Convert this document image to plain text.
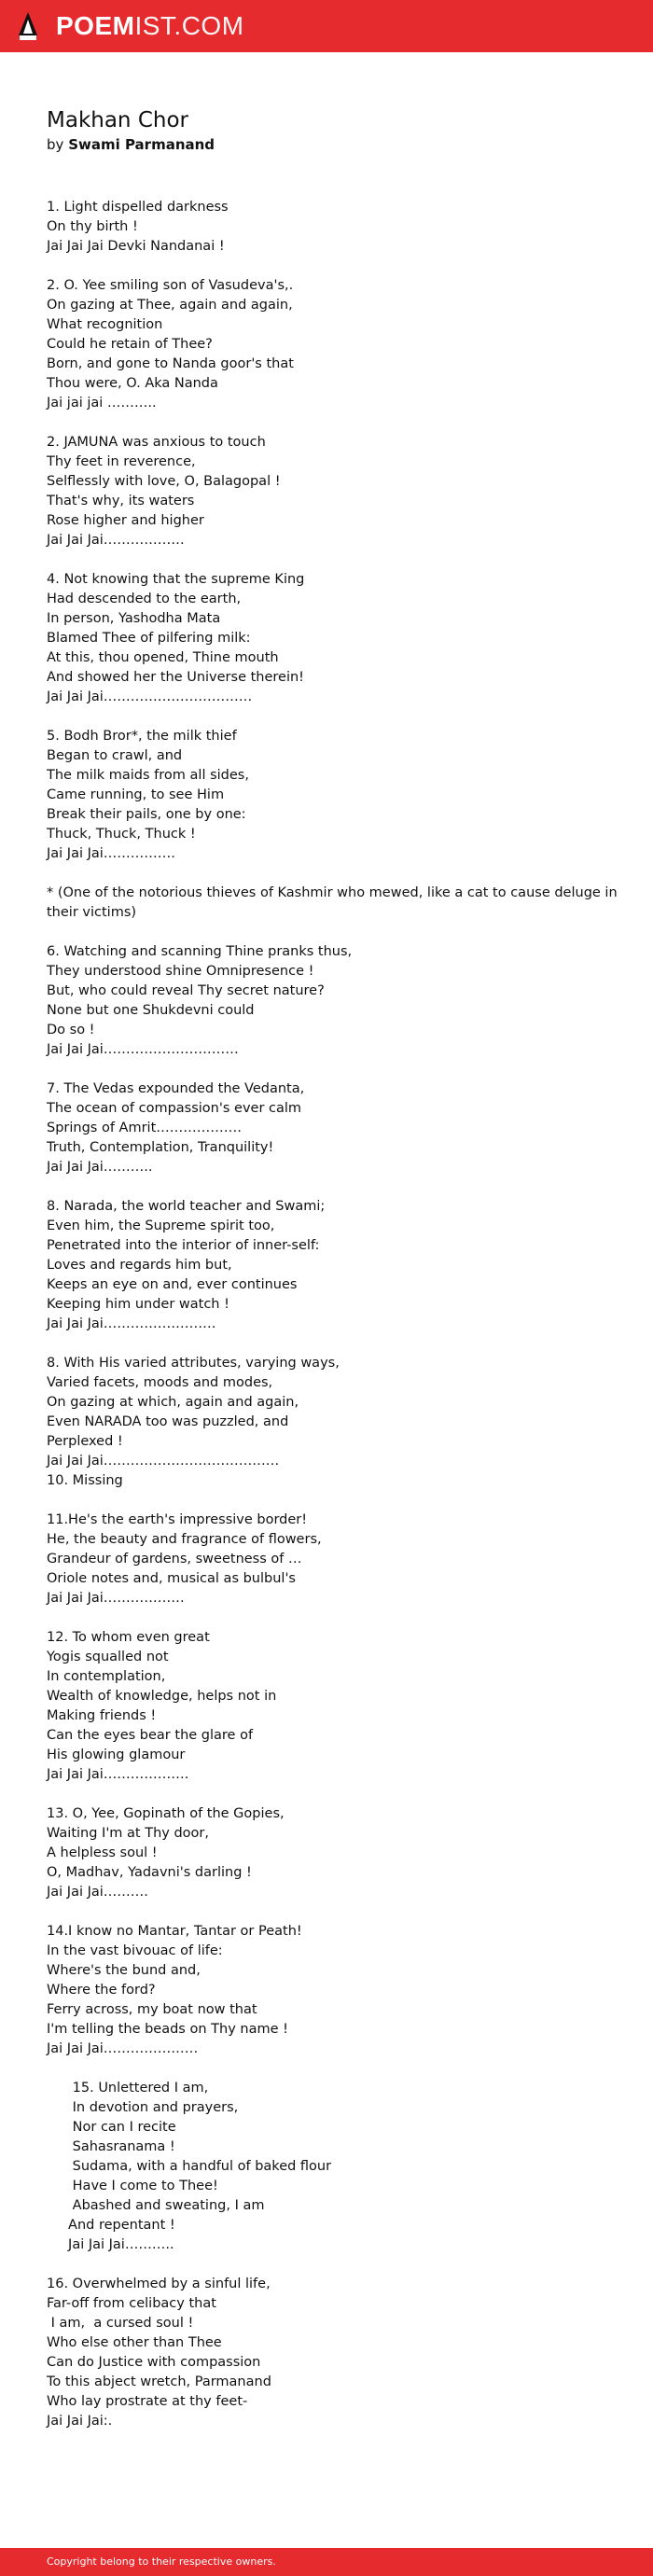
POEMIST.COM
Makhan Chor
by Swami Parmanand
1. Light dispelled darkness
On thy birth !
Jai Jai Jai Devki Nandanai !

2. O. Yee smiling son of Vasudeva's,.
On gazing at Thee, again and again,
What recognition
Could he retain of Thee?
Born, and gone to Nanda goor's that
Thou were, O. Aka Nanda
Jai jai jai ………..

2. JAMUNA was anxious to touch
Thy feet in reverence,
Selflessly with love, O, Balagopal !
That's why, its waters
Rose higher and higher
Jai Jai Jai………………

4. Not knowing that the supreme King
Had descended to the earth,
In person, Yashodha Mata
Blamed Thee of pilfering milk:
At this, thou opened, Thine mouth
And showed her the Universe therein!
Jai Jai Jai……………………………

5. Bodh Bror*, the milk thief
Began to crawl, and
The milk maids from all sides,
Came running, to see Him
Break their pails, one by one:
Thuck, Thuck, Thuck !
Jai Jai Jai…………….

* (One of the notorious thieves of Kashmir who mewed, like a cat to cause deluge in their victims)

6. Watching and scanning Thine pranks thus,
They understood shine Omnipresence !
But, who could reveal Thy secret nature?
None but one Shukdevni could
Do so !
Jai Jai Jai…………………………

7. The Vedas expounded the Vedanta,
The ocean of compassion's ever calm
Springs of Amrit……………….
Truth, Contemplation, Tranquility!
Jai Jai Jai………..

8. Narada, the world teacher and Swami;
Even him, the Supreme spirit too,
Penetrated into the interior of inner-self:
Loves and regards him but,
Keeps an eye on and, ever continues
Keeping him under watch !
Jai Jai Jai…………………….

8. With His varied attributes, varying ways,
Varied facets, moods and modes,
On gazing at which, again and again,
Even NARADA too was puzzled, and
Perplexed !
Jai Jai Jai…………………………………
10. Missing

11.He's the earth's impressive border!
He, the beauty and fragrance of flowers,
Grandeur of gardens, sweetness of …
Oriole notes and, musical as bulbul's
Jai Jai Jai………………

12. To whom even great
Yogis squalled not
In contemplation,
Wealth of knowledge, helps not in
Making friends !
Can the eyes bear the glare of
His glowing glamour
Jai Jai Jai……………….

13. O, Yee, Gopinath of the Gopies,
Waiting I'm at Thy door,
A helpless soul !
O, Madhav, Yadavni's darling !
Jai Jai Jai……….

14.I know no Mantar, Tantar or Peath!
In the vast bivouac of life:
Where's the bund and,
Where the ford?
Ferry across, my boat now that
I'm telling the beads on Thy name !
Jai Jai Jai…………………

15. Unlettered I am,
In devotion and prayers,
Nor can I recite
Sahasranama !
Sudama, with a handful of baked flour
Have I come to Thee!
Abashed and sweating, I am
And repentant !
Jai Jai Jai………..

16. Overwhelmed by a sinful life,
Far-off from celibacy that
I am,  a cursed soul !
Who else other than Thee
Can do Justice with compassion
To this abject wretch, Parmanand
Who lay prostrate at thy feet-
Jai Jai Jai:.
Copyright belong to their respective owners.
